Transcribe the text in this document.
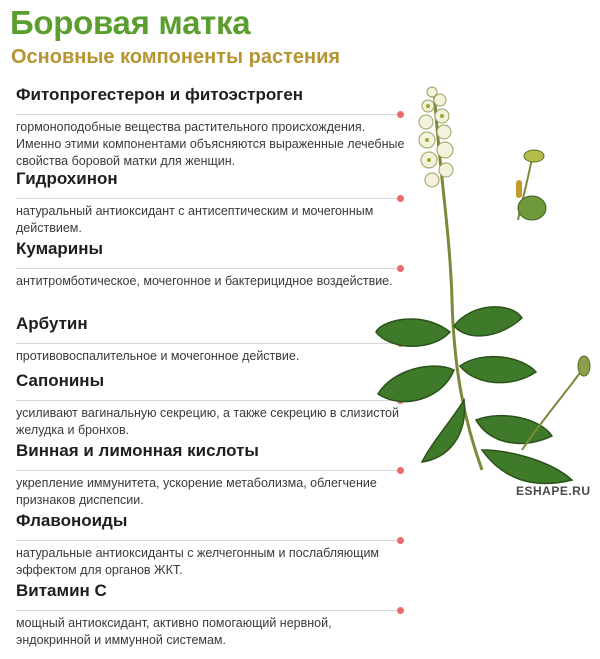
Боровая матка
Основные компоненты растения
Фитопрогестерон и фитоэстроген

гормоноподобные вещества растительного происхождения. Именно этими компонентами объясняются выраженные лечебные свойства боровой матки для женщин.

Гидрохинон

натуральный антиоксидант с антисептическим и мочегонным действием.

Кумарины

антитромботическое, мочегонное и бактерицидное воздействие.

Арбутин

противовоспалительное и мочегонное действие.

Сапонины

усиливают вагинальную секрецию, а также секрецию в слизистой желудка и бронхов.

Винная и лимонная кислоты

укрепление иммунитета, ускорение метаболизма, облегчение признаков диспепсии.

Флавоноиды

натуральные антиоксиданты с желчегонным и послабляющим эффектом для органов ЖКТ.

Витамин С

мощный антиоксидант, активно помогающий нервной, эндокринной и иммунной системам.

ESHAPE.RU
